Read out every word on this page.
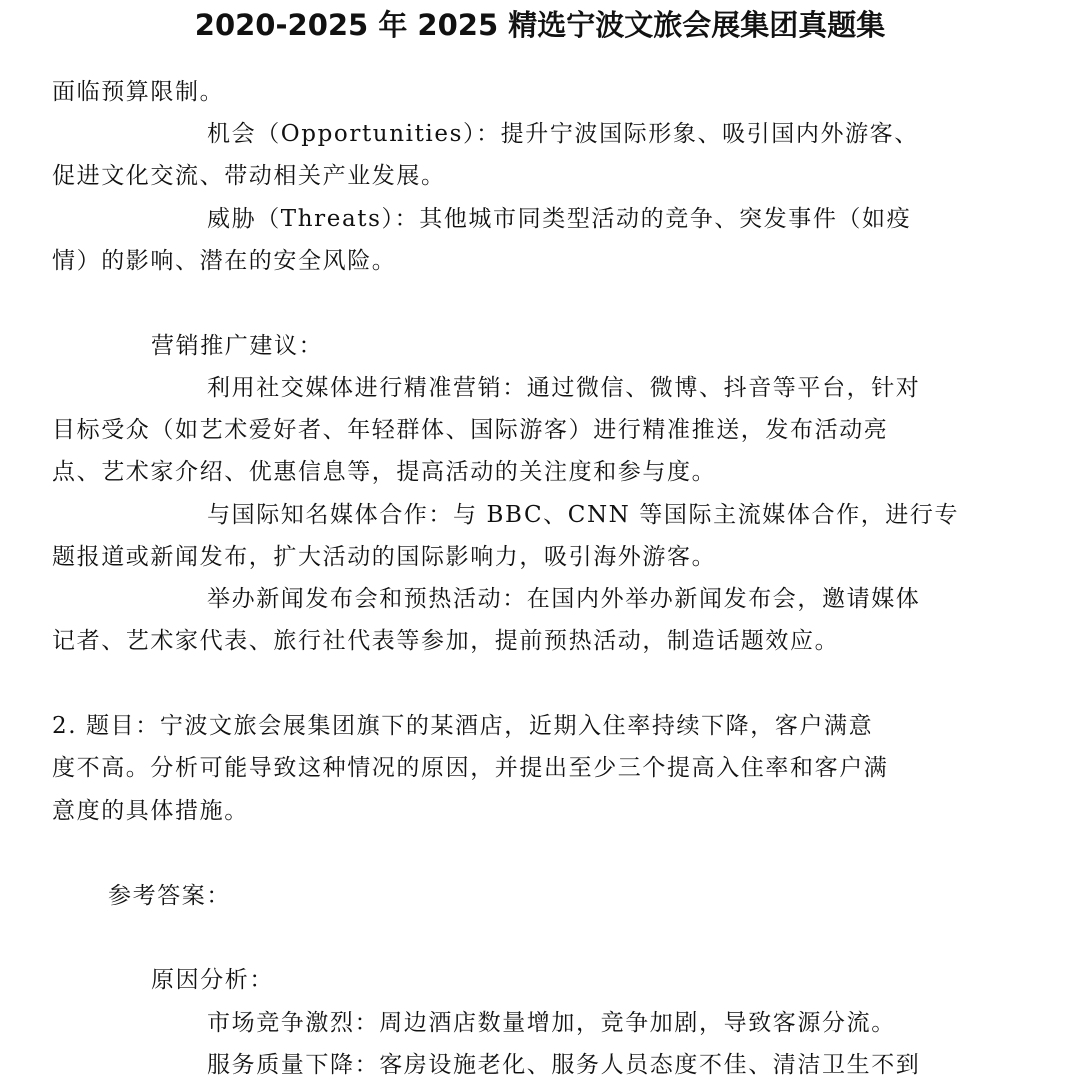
2020-2025 年 2025 精选宁波文旅会展集团真题集
面临预算限制。
机会（Opportunities）：提升宁波国际形象、吸引国内外游客、
促进文化交流、带动相关产业发展。
威胁（Threats）：其他城市同类型活动的竞争、突发事件（如疫
情）的影响、潜在的安全风险。
营销推广建议：
利用社交媒体进行精准营销：通过微信、微博、抖音等平台，针对
目标受众（如艺术爱好者、年轻群体、国际游客）进行精准推送，发布活动亮
点、艺术家介绍、优惠信息等，提高活动的关注度和参与度。
与国际知名媒体合作：与 BBC、CNN 等国际主流媒体合作，进行专
题报道或新闻发布，扩大活动的国际影响力，吸引海外游客。
举办新闻发布会和预热活动：在国内外举办新闻发布会，邀请媒体
记者、艺术家代表、旅行社代表等参加，提前预热活动，制造话题效应。
2. 题目：宁波文旅会展集团旗下的某酒店，近期入住率持续下降，客户满意
度不高。分析可能导致这种情况的原因，并提出至少三个提高入住率和客户满
意度的具体措施。
参考答案：
原因分析：
市场竞争激烈：周边酒店数量增加，竞争加剧，导致客源分流。
服务质量下降：客房设施老化、服务人员态度不佳、清洁卫生不到
